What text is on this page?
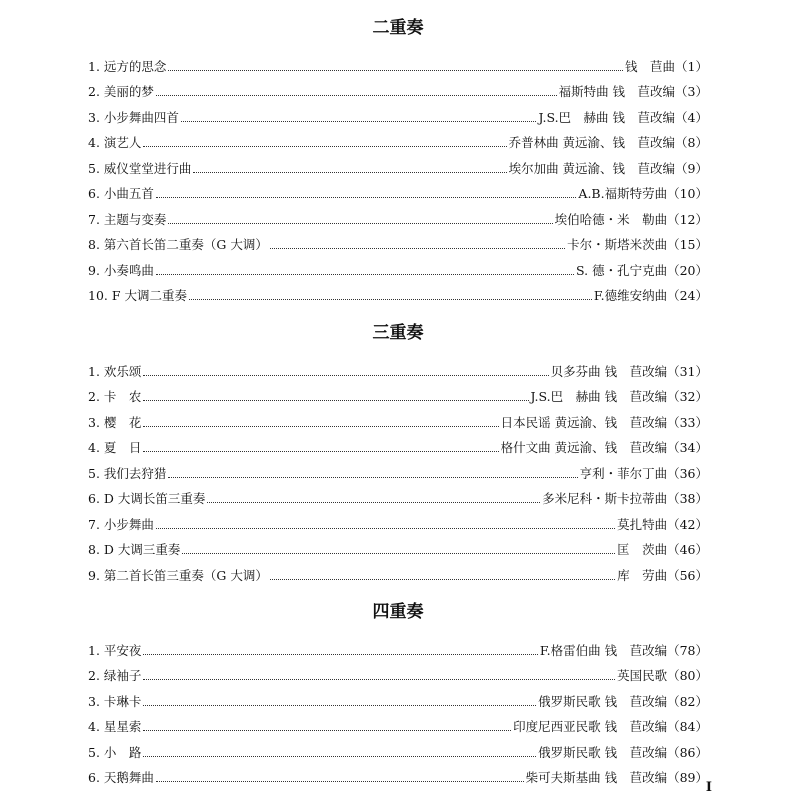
二重奏
1. 远方的思念	钱　苣曲 （1）
2. 美丽的梦	福斯特曲 钱　苣改编 （3）
3. 小步舞曲四首	J.S.巴　赫曲 钱　苣改编 （4）
4. 演艺人	乔普林曲 黄远渝、钱　苣改编 （8）
5. 威仪堂堂进行曲	埃尔加曲 黄远渝、钱　苣改编 （9）
6. 小曲五首	A.B.福斯特劳曲 （10）
7. 主题与变奏	埃伯哈德・米　勒曲 （12）
8. 第六首长笛二重奏（G 大调）	卡尔・斯塔米茨曲 （15）
9. 小奏鸣曲	S. 德・孔宁克曲 （20）
10. F 大调二重奏	F.德维安纳曲 （24）
三重奏
1. 欢乐颂	贝多芬曲 钱　苣改编 （31）
2. 卡　农	J.S.巴　赫曲 钱　苣改编 （32）
3. 樱　花	日本民谣 黄远渝、钱　苣改编 （33）
4. 夏　日	格什文曲 黄远渝、钱　苣改编 （34）
5. 我们去狩猎	亨利・菲尔丁曲 （36）
6. D 大调长笛三重奏	多米尼科・斯卡拉蒂曲 （38）
7. 小步舞曲	莫扎特曲 （42）
8. D 大调三重奏	匡　茨曲 （46）
9. 第二首长笛三重奏（G 大调）	库　劳曲 （56）
四重奏
1. 平安夜	F.格雷伯曲 钱　苣改编 （78）
2. 绿袖子	英国民歌 （80）
3. 卡琳卡	俄罗斯民歌 钱　苣改编 （82）
4. 星星索	印度尼西亚民歌 钱　苣改编 （84）
5. 小　路	俄罗斯民歌 钱　苣改编 （86）
6. 天鹅舞曲	柴可夫斯基曲 钱　苣改编 （89）
I
